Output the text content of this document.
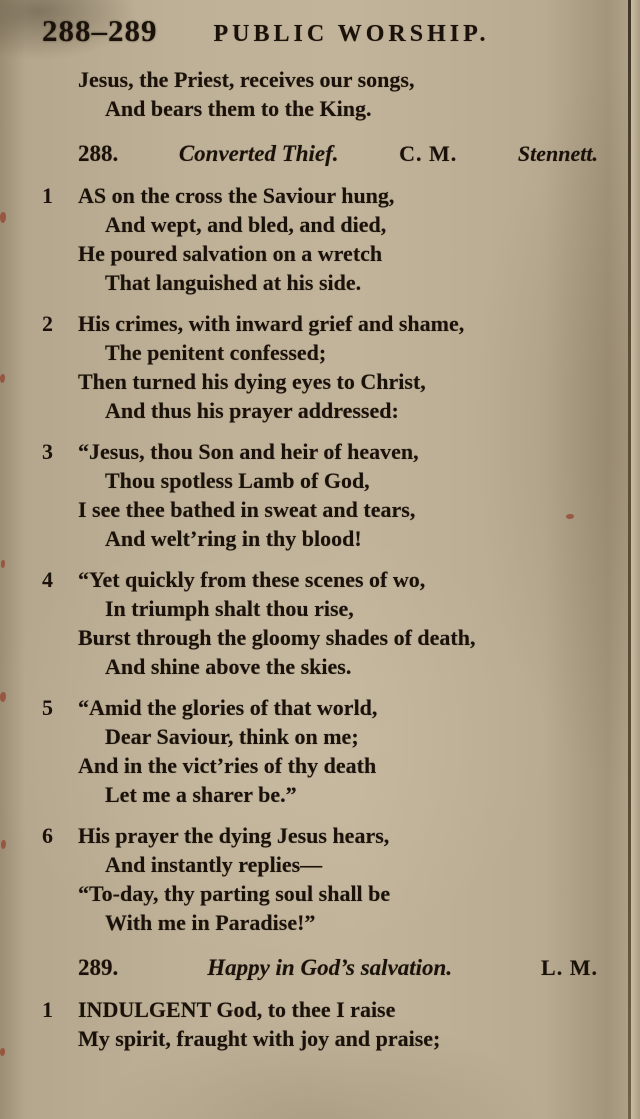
288–289 PUBLIC WORSHIP.
Jesus, the Priest, receives our songs,
And bears them to the King.
288.	Converted Thief.	C. M.	Stennett.
1 AS on the cross the Saviour hung,
And wept, and bled, and died,
He poured salvation on a wretch
That languished at his side.
2 His crimes, with inward grief and shame,
The penitent confessed;
Then turned his dying eyes to Christ,
And thus his prayer addressed:
3 “Jesus, thou Son and heir of heaven,
Thou spotless Lamb of God,
I see thee bathed in sweat and tears,
And welt’ring in thy blood!
4 “Yet quickly from these scenes of wo,
In triumph shalt thou rise,
Burst through the gloomy shades of death,
And shine above the skies.
5 “Amid the glories of that world,
Dear Saviour, think on me;
And in the vict’ries of thy death
Let me a sharer be.”
6 His prayer the dying Jesus hears,
And instantly replies—
“To-day, thy parting soul shall be
With me in Paradise!”
289.	Happy in God’s salvation.	L. M.
1 INDULGENT God, to thee I raise
My spirit, fraught with joy and praise;
